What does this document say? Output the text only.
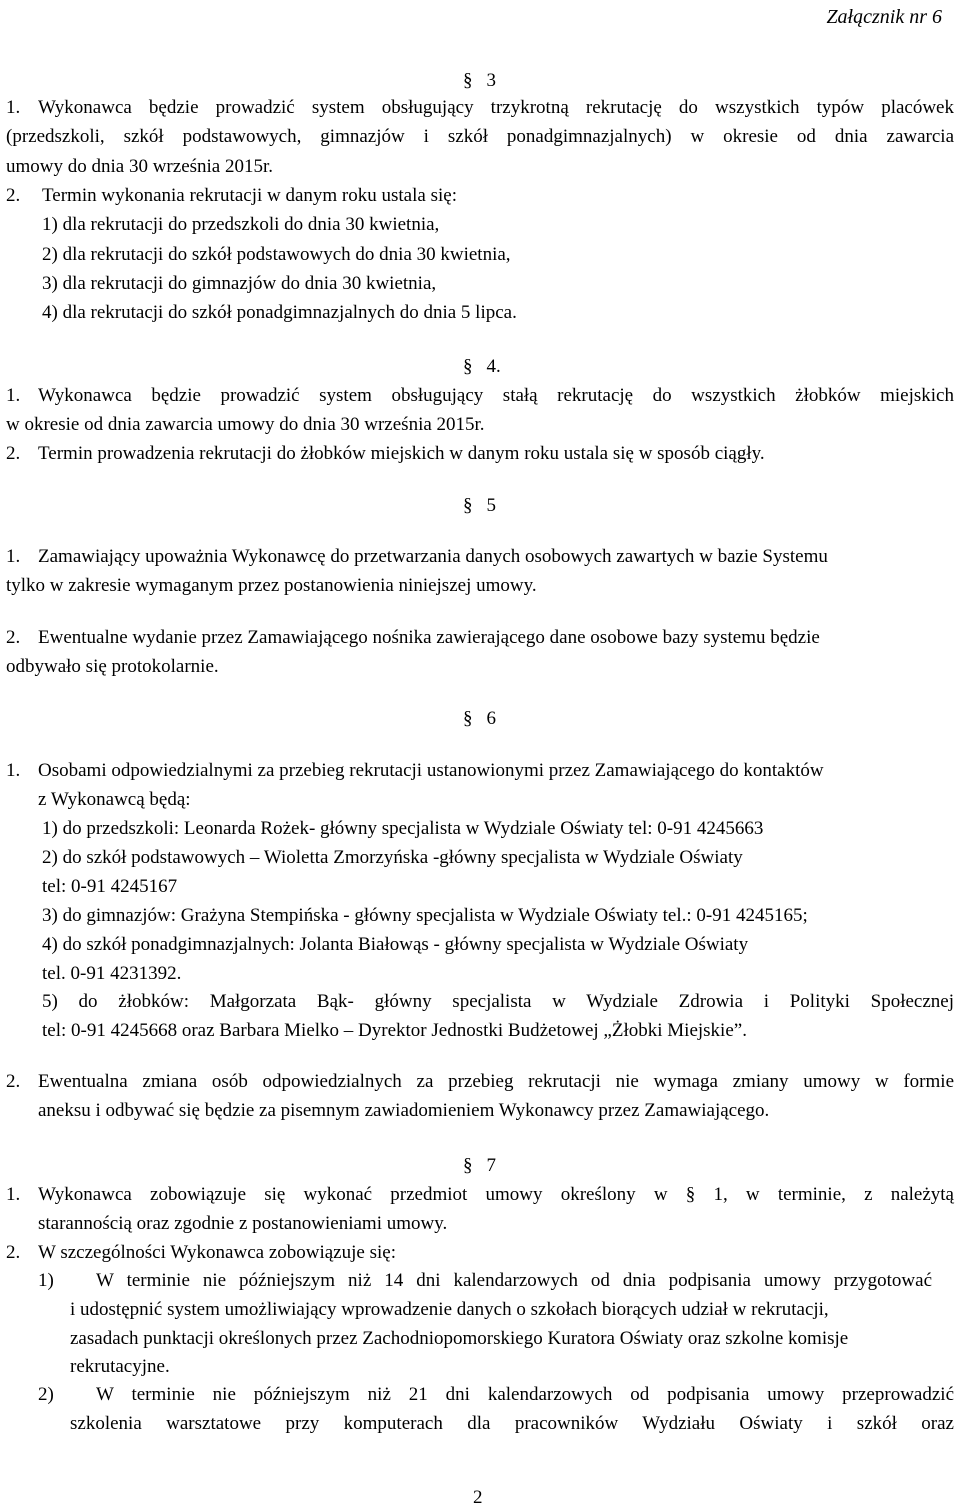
Załącznik nr 6
§ 3
1. Wykonawca będzie prowadzić system obsługujący trzykrotną rekrutację do wszystkich typów placówek
(przedszkoli, szkół podstawowych, gimnazjów i szkół ponadgimnazjalnych) w okresie od dnia zawarcia
umowy do dnia 30 września 2015r.
2. Termin wykonania rekrutacji w danym roku ustala się:
1) dla rekrutacji do przedszkoli do dnia 30 kwietnia,
2) dla rekrutacji do szkół podstawowych do dnia 30 kwietnia,
3) dla rekrutacji do gimnazjów do dnia 30 kwietnia,
4) dla rekrutacji do szkół ponadgimnazjalnych do dnia 5 lipca.
§ 4.
1. Wykonawca będzie prowadzić system obsługujący stałą rekrutację do wszystkich żłobków miejskich
w okresie od dnia zawarcia umowy do dnia 30 września 2015r.
2. Termin prowadzenia rekrutacji do żłobków miejskich w danym roku ustala się w sposób ciągły.
§ 5
1. Zamawiający upoważnia Wykonawcę do przetwarzania danych osobowych zawartych w bazie Systemu
tylko w zakresie wymaganym przez postanowienia niniejszej umowy.
2. Ewentualne wydanie przez Zamawiającego nośnika zawierającego dane osobowe bazy systemu będzie
odbywało się protokolarnie.
§ 6
1. Osobami odpowiedzialnymi za przebieg rekrutacji ustanowionymi przez Zamawiającego do kontaktów
z Wykonawcą będą:
1) do przedszkoli: Leonarda Rożek- główny specjalista w Wydziale Oświaty tel: 0-91 4245663
2) do szkół podstawowych – Wioletta Zmorzyńska -główny specjalista w Wydziale Oświaty
tel: 0-91 4245167
3) do gimnazjów: Grażyna Stempińska - główny specjalista w Wydziale Oświaty tel.: 0-91 4245165;
4) do szkół ponadgimnazjalnych: Jolanta Białowąs - główny specjalista w Wydziale Oświaty
tel. 0-91 4231392.
5) do żłobków: Małgorzata Bąk- główny specjalista w Wydziale Zdrowia i Polityki Społecznej
tel: 0-91 4245668 oraz Barbara Mielko – Dyrektor Jednostki Budżetowej „Żłobki Miejskie”.
2. Ewentualna zmiana osób odpowiedzialnych za przebieg rekrutacji nie wymaga zmiany umowy w formie
aneksu i odbywać się będzie za pisemnym zawiadomieniem Wykonawcy przez Zamawiającego.
§ 7
1. Wykonawca zobowiązuje się wykonać przedmiot umowy określony w § 1, w terminie, z należytą
starannością oraz zgodnie z postanowieniami umowy.
2. W szczególności Wykonawca zobowiązuje się:
1) W terminie nie późniejszym niż 14 dni kalendarzowych od dnia podpisania umowy przygotować
i udostępnić system umożliwiający wprowadzenie danych o szkołach biorących udział w rekrutacji,
zasadach punktacji określonych przez Zachodniopomorskiego Kuratora Oświaty oraz szkolne komisje
rekrutacyjne.
2) W terminie nie późniejszym niż 21 dni kalendarzowych od podpisania umowy przeprowadzić
szkolenia warsztatowe przy komputerach dla pracowników Wydziału Oświaty i szkół oraz
2
